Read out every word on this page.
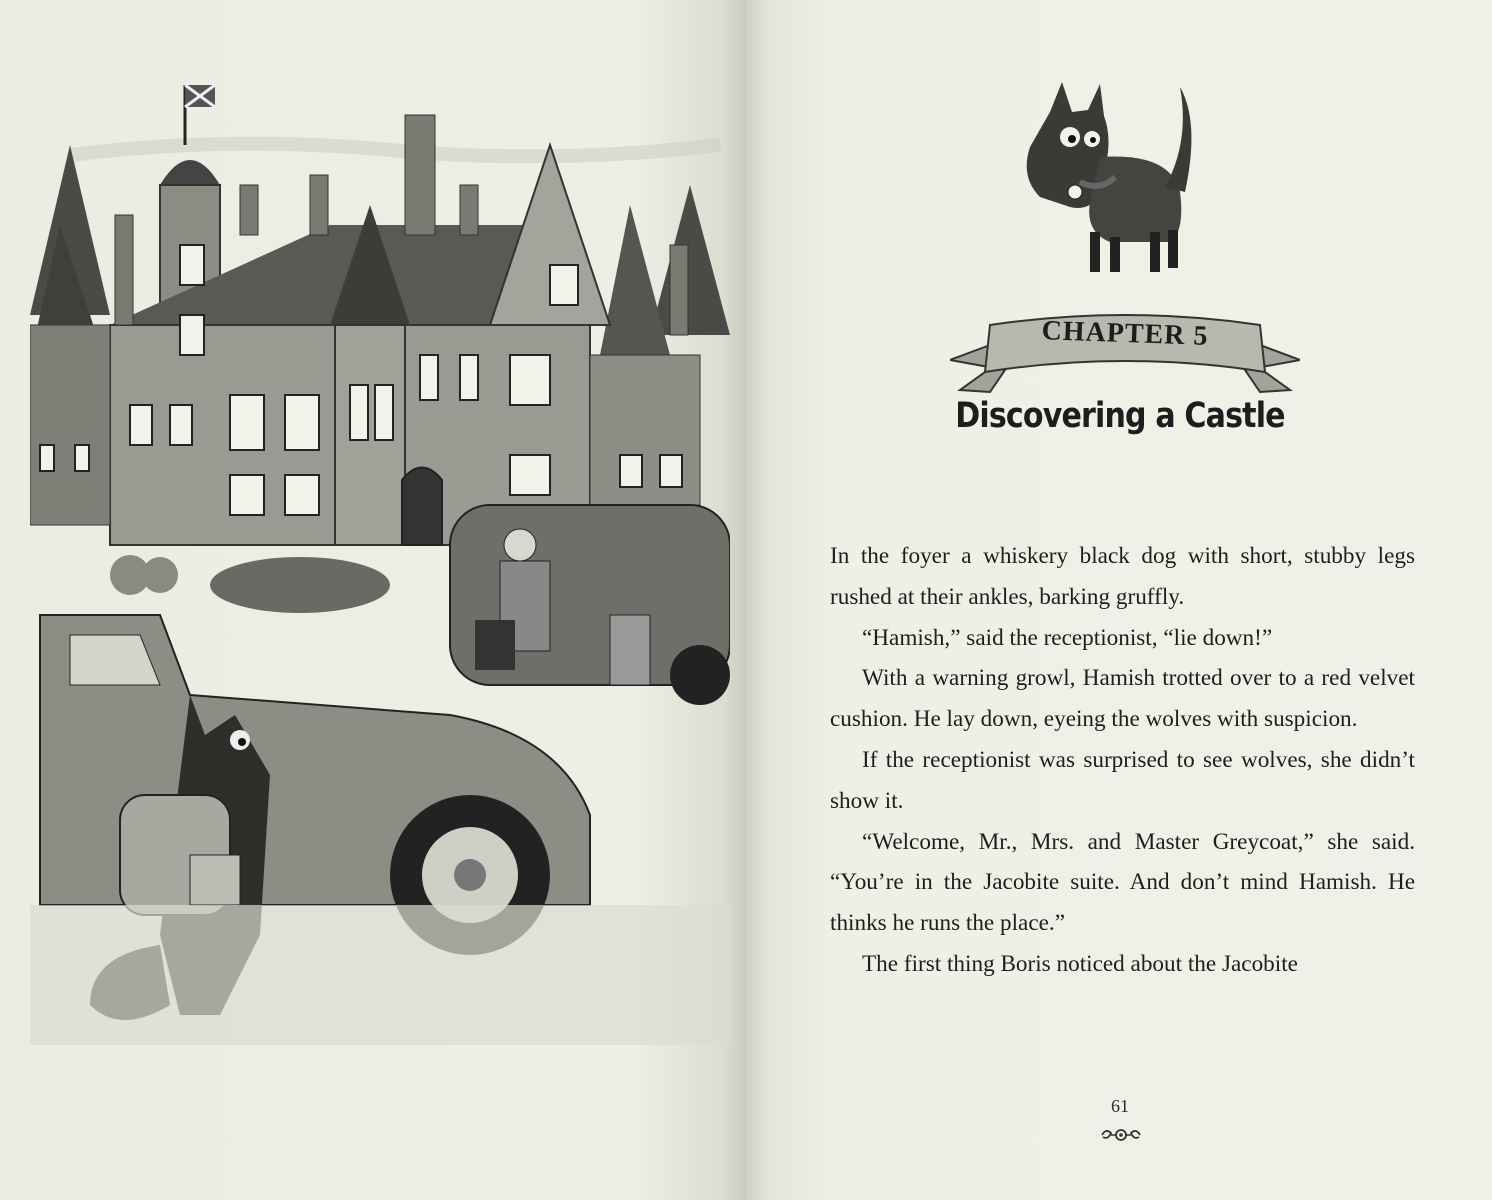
CHAPTER 5
Discovering a Castle

In the foyer a whiskery black dog with short, stubby legs rushed at their ankles, barking gruffly.

“Hamish,” said the receptionist, “lie down!”

With a warning growl, Hamish trotted over to a red velvet cushion. He lay down, eyeing the wolves with suspicion.

If the receptionist was surprised to see wolves, she didn’t show it.

“Welcome, Mr., Mrs. and Master Greycoat,” she said. “You’re in the Jacobite suite. And don’t mind Hamish. He thinks he runs the place.”

The first thing Boris noticed about the Jacobite

61
